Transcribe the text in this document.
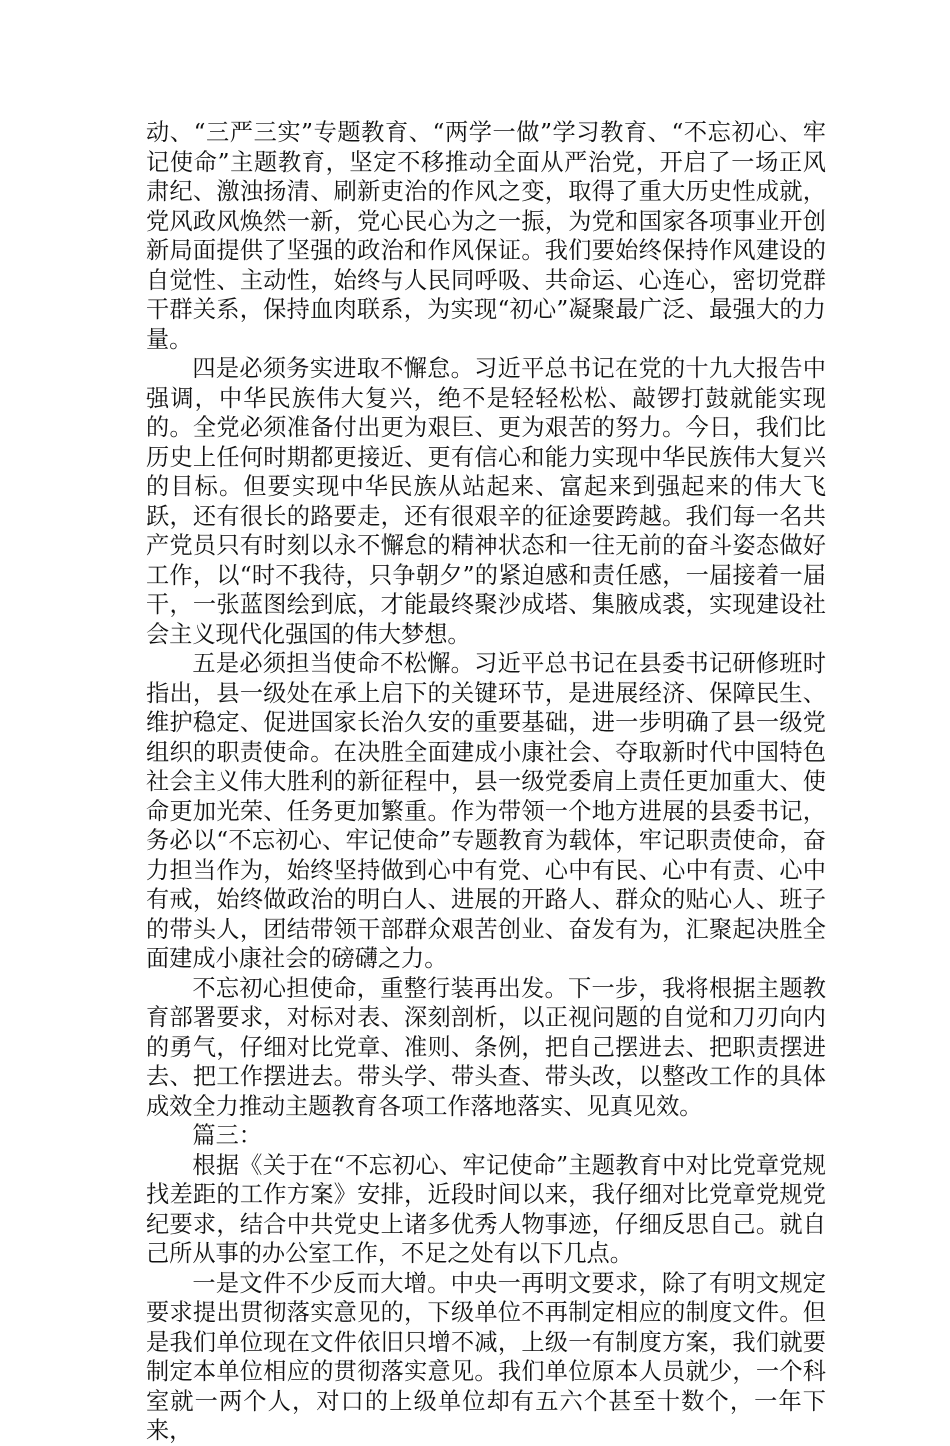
动、“三严三实”专题教育、“两学一做”学习教育、“不忘初心、牢记使命”主题教育，坚定不移推动全面从严治党，开启了一场正风肃纪、激浊扬清、刷新吏治的作风之变，取得了重大历史性成就，党风政风焕然一新，党心民心为之一振，为党和国家各项事业开创新局面提供了坚强的政治和作风保证。我们要始终保持作风建设的自觉性、主动性，始终与人民同呼吸、共命运、心连心，密切党群干群关系，保持血肉联系，为实现“初心”凝聚最广泛、最强大的力量。

四是必须务实进取不懈怠。习近平总书记在党的十九大报告中强调，中华民族伟大复兴，绝不是轻轻松松、敲锣打鼓就能实现的。全党必须准备付出更为艰巨、更为艰苦的努力。今日，我们比历史上任何时期都更接近、更有信心和能力实现中华民族伟大复兴的目标。但要实现中华民族从站起来、富起来到强起来的伟大飞跃，还有很长的路要走，还有很艰辛的征途要跨越。我们每一名共产党员只有时刻以永不懈怠的精神状态和一往无前的奋斗姿态做好工作，以“时不我待，只争朝夕”的紧迫感和责任感，一届接着一届干，一张蓝图绘到底，才能最终聚沙成塔、集腋成裘，实现建设社会主义现代化强国的伟大梦想。

五是必须担当使命不松懈。习近平总书记在县委书记研修班时指出，县一级处在承上启下的关键环节，是进展经济、保障民生、维护稳定、促进国家长治久安的重要基础，进一步明确了县一级党组织的职责使命。在决胜全面建成小康社会、夺取新时代中国特色社会主义伟大胜利的新征程中，县一级党委肩上责任更加重大、使命更加光荣、任务更加繁重。作为带领一个地方进展的县委书记，务必以“不忘初心、牢记使命”专题教育为载体，牢记职责使命，奋力担当作为，始终坚持做到心中有党、心中有民、心中有责、心中有戒，始终做政治的明白人、进展的开路人、群众的贴心人、班子的带头人，团结带领干部群众艰苦创业、奋发有为，汇聚起决胜全面建成小康社会的磅礴之力。

不忘初心担使命，重整行装再出发。下一步，我将根据主题教育部署要求，对标对表、深刻剖析，以正视问题的自觉和刀刃向内的勇气，仔细对比党章、准则、条例，把自己摆进去、把职责摆进去、把工作摆进去。带头学、带头查、带头改，以整改工作的具体成效全力推动主题教育各项工作落地落实、见真见效。

篇三：

根据《关于在“不忘初心、牢记使命”主题教育中对比党章党规找差距的工作方案》安排，近段时间以来，我仔细对比党章党规党纪要求，结合中共党史上诸多优秀人物事迹，仔细反思自己。就自己所从事的办公室工作，不足之处有以下几点。

一是文件不少反而大增。中央一再明文要求，除了有明文规定要求提出贯彻落实意见的，下级单位不再制定相应的制度文件。但是我们单位现在文件依旧只增不减，上级一有制度方案，我们就要制定本单位相应的贯彻落实意见。我们单位原本人员就少，一个科室就一两个人，对口的上级单位却有五六个甚至十数个，一年下来，
